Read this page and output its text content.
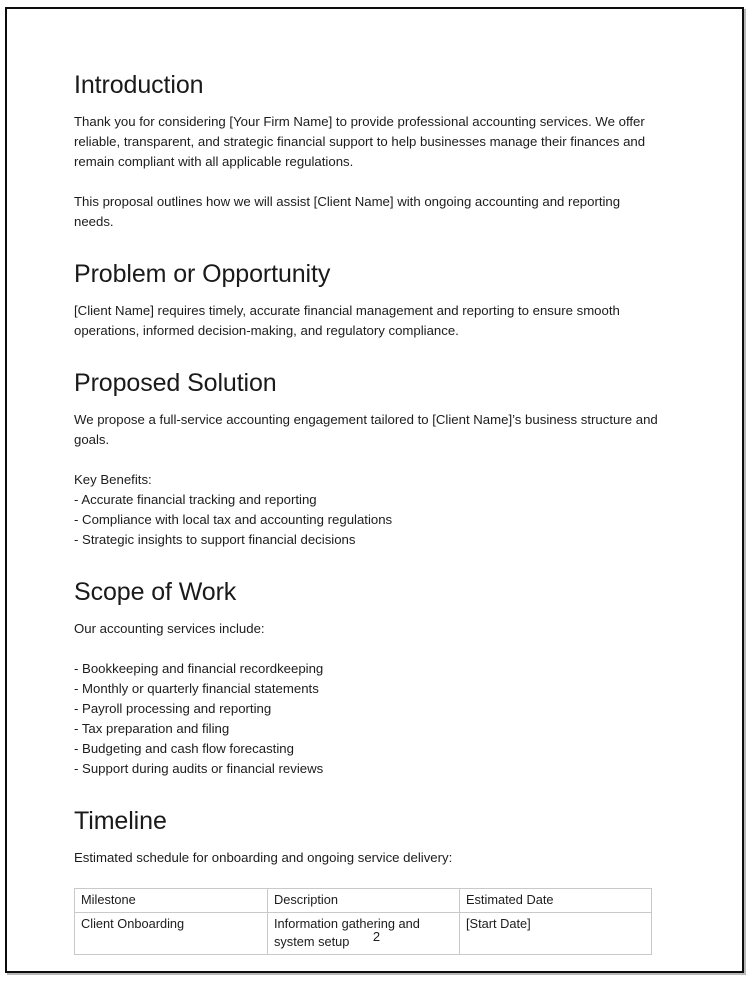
Introduction

Thank you for considering [Your Firm Name] to provide professional accounting services. We offer reliable, transparent, and strategic financial support to help businesses manage their finances and remain compliant with all applicable regulations.

This proposal outlines how we will assist [Client Name] with ongoing accounting and reporting needs.

Problem or Opportunity

[Client Name] requires timely, accurate financial management and reporting to ensure smooth operations, informed decision-making, and regulatory compliance.

Proposed Solution

We propose a full-service accounting engagement tailored to [Client Name]’s business structure and goals.

Key Benefits:
- Accurate financial tracking and reporting
- Compliance with local tax and accounting regulations
- Strategic insights to support financial decisions
Scope of Work

Our accounting services include:

- Bookkeeping and financial recordkeeping
- Monthly or quarterly financial statements
- Payroll processing and reporting
- Tax preparation and filing
- Budgeting and cash flow forecasting
- Support during audits or financial reviews
Timeline

Estimated schedule for onboarding and ongoing service delivery:

Milestone	Description	Estimated Date
Client Onboarding	Information gathering and system setup	[Start Date]
2
